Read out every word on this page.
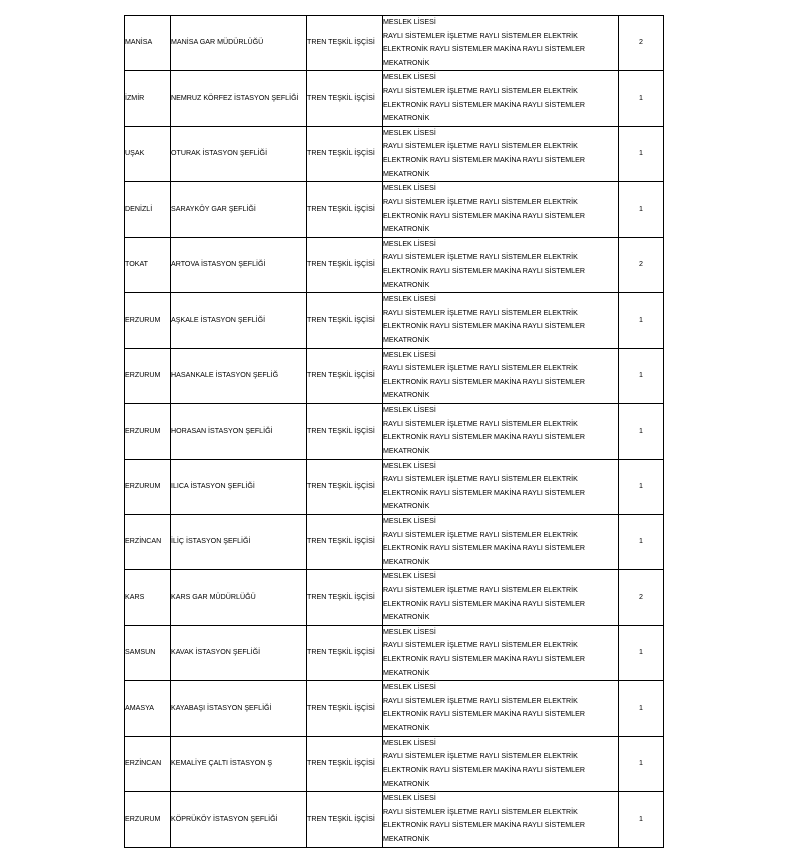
MANİSA	MANİSA GAR MÜDÜRLÜĞÜ	TREN TEŞKİL İŞÇİSİ	MESLEK LİSESİ
RAYLI SİSTEMLER İŞLETME RAYLI SİSTEMLER ELEKTRİK
ELEKTRONİK RAYLI SİSTEMLER MAKİNA RAYLI SİSTEMLER
MEKATRONİK	2

İZMİR	NEMRUZ KÖRFEZ İSTASYON ŞEFLİĞİ	TREN TEŞKİL İŞÇİSİ	MESLEK LİSESİ
RAYLI SİSTEMLER İŞLETME RAYLI SİSTEMLER ELEKTRİK
ELEKTRONİK RAYLI SİSTEMLER MAKİNA RAYLI SİSTEMLER
MEKATRONİK	1

UŞAK	OTURAK İSTASYON ŞEFLİĞİ	TREN TEŞKİL İŞÇİSİ	MESLEK LİSESİ
RAYLI SİSTEMLER İŞLETME RAYLI SİSTEMLER ELEKTRİK
ELEKTRONİK RAYLI SİSTEMLER MAKİNA RAYLI SİSTEMLER
MEKATRONİK	1

DENİZLİ	SARAYKÖY GAR ŞEFLİĞİ	TREN TEŞKİL İŞÇİSİ	MESLEK LİSESİ
RAYLI SİSTEMLER İŞLETME RAYLI SİSTEMLER ELEKTRİK
ELEKTRONİK RAYLI SİSTEMLER MAKİNA RAYLI SİSTEMLER
MEKATRONİK	1

TOKAT	ARTOVA İSTASYON ŞEFLİĞİ	TREN TEŞKİL İŞÇİSİ	MESLEK LİSESİ
RAYLI SİSTEMLER İŞLETME RAYLI SİSTEMLER ELEKTRİK
ELEKTRONİK RAYLI SİSTEMLER MAKİNA RAYLI SİSTEMLER
MEKATRONİK	2

ERZURUM	AŞKALE İSTASYON ŞEFLİĞİ	TREN TEŞKİL İŞÇİSİ	MESLEK LİSESİ
RAYLI SİSTEMLER İŞLETME RAYLI SİSTEMLER ELEKTRİK
ELEKTRONİK RAYLI SİSTEMLER MAKİNA RAYLI SİSTEMLER
MEKATRONİK	1

ERZURUM	HASANKALE İSTASYON ŞEFLİĞ	TREN TEŞKİL İŞÇİSİ	MESLEK LİSESİ
RAYLI SİSTEMLER İŞLETME RAYLI SİSTEMLER ELEKTRİK
ELEKTRONİK RAYLI SİSTEMLER MAKİNA RAYLI SİSTEMLER
MEKATRONİK	1

ERZURUM	HORASAN İSTASYON ŞEFLİĞİ	TREN TEŞKİL İŞÇİSİ	MESLEK LİSESİ
RAYLI SİSTEMLER İŞLETME RAYLI SİSTEMLER ELEKTRİK
ELEKTRONİK RAYLI SİSTEMLER MAKİNA RAYLI SİSTEMLER
MEKATRONİK	1

ERZURUM	ILICA İSTASYON ŞEFLİĞİ	TREN TEŞKİL İŞÇİSİ	MESLEK LİSESİ
RAYLI SİSTEMLER İŞLETME RAYLI SİSTEMLER ELEKTRİK
ELEKTRONİK RAYLI SİSTEMLER MAKİNA RAYLI SİSTEMLER
MEKATRONİK	1

ERZİNCAN	İLİÇ İSTASYON ŞEFLİĞİ	TREN TEŞKİL İŞÇİSİ	MESLEK LİSESİ
RAYLI SİSTEMLER İŞLETME RAYLI SİSTEMLER ELEKTRİK
ELEKTRONİK RAYLI SİSTEMLER MAKİNA RAYLI SİSTEMLER
MEKATRONİK	1

KARS	KARS GAR MÜDÜRLÜĞÜ	TREN TEŞKİL İŞÇİSİ	MESLEK LİSESİ
RAYLI SİSTEMLER İŞLETME RAYLI SİSTEMLER ELEKTRİK
ELEKTRONİK RAYLI SİSTEMLER MAKİNA RAYLI SİSTEMLER
MEKATRONİK	2

SAMSUN	KAVAK İSTASYON ŞEFLİĞİ	TREN TEŞKİL İŞÇİSİ	MESLEK LİSESİ
RAYLI SİSTEMLER İŞLETME RAYLI SİSTEMLER ELEKTRİK
ELEKTRONİK RAYLI SİSTEMLER MAKİNA RAYLI SİSTEMLER
MEKATRONİK	1

AMASYA	KAYABAŞI İSTASYON ŞEFLİĞİ	TREN TEŞKİL İŞÇİSİ	MESLEK LİSESİ
RAYLI SİSTEMLER İŞLETME RAYLI SİSTEMLER ELEKTRİK
ELEKTRONİK RAYLI SİSTEMLER MAKİNA RAYLI SİSTEMLER
MEKATRONİK	1

ERZİNCAN	KEMALİYE ÇALTI İSTASYON Ş	TREN TEŞKİL İŞÇİSİ	MESLEK LİSESİ
RAYLI SİSTEMLER İŞLETME RAYLI SİSTEMLER ELEKTRİK
ELEKTRONİK RAYLI SİSTEMLER MAKİNA RAYLI SİSTEMLER
MEKATRONİK	1

ERZURUM	KÖPRÜKÖY İSTASYON ŞEFLİĞİ	TREN TEŞKİL İŞÇİSİ	MESLEK LİSESİ
RAYLI SİSTEMLER İŞLETME RAYLI SİSTEMLER ELEKTRİK
ELEKTRONİK RAYLI SİSTEMLER MAKİNA RAYLI SİSTEMLER
MEKATRONİK	1
